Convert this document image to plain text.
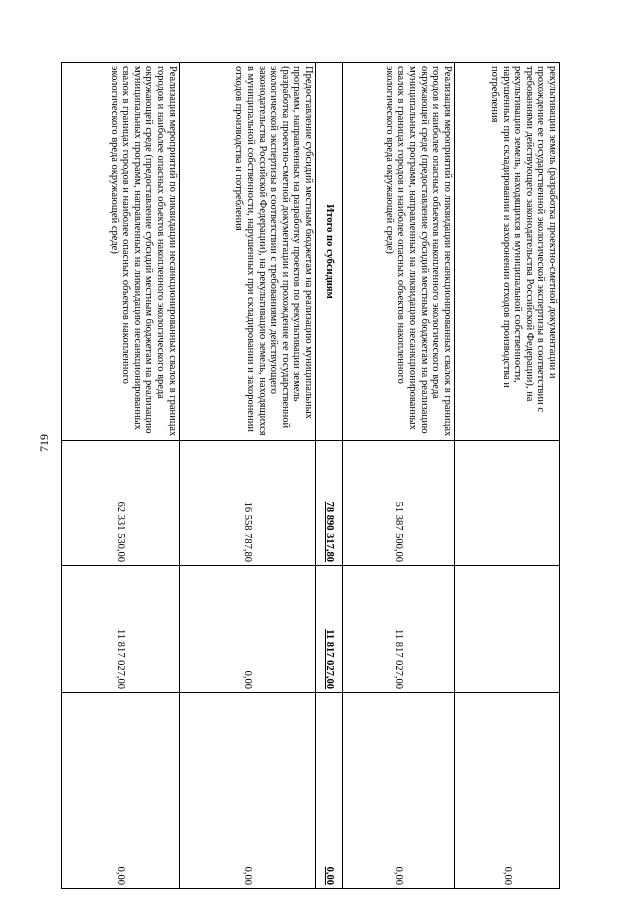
719
рекультивации земель (разработка проектно-сметной документации и прохождение ее государственной экологической экспертизы в соответствии с требованиями действующего законодательства Российской Федерации), на рекультивацию земель, находящихся в муниципальной собственности, нарушенных при складировании и захоронении отходов производства и потребления			0,00
Реализация мероприятий по ликвидации несанкционированных свалок в границах городов и наиболее опасных объектов накопленного экологического вреда окружающей среде (предоставление субсидий местным бюджетам на реализацию муниципальных программ, направленных на ликвидацию несанкционированных свалок в границах городов и наиболее опасных объектов накопленного экологического вреда окружающей среде)	51 387 500,00	11 817 027,00	0,00
Итого по субсидиям	78 890 317,80	11 817 027,00	0,00
Предоставление субсидий местным бюджетам на реализацию муниципальных программ, направленных на разработку проектов по рекультивации земель (разработка проектно-сметной документации и прохождение ее государственной экологической экспертизы в соответствии с требованиями действующего законодательства Российской Федерации), на рекультивацию земель, находящихся в муниципальной собственности, нарушенных при складировании и захоронении отходов производства и потребления	16 558 787,80	0,00	0,00
Реализация мероприятий по ликвидации несанкционированных свалок в границах городов и наиболее опасных объектов накопленного экологического вреда окружающей среде (предоставление субсидий местным бюджетам на реализацию муниципальных программ, направленных на ликвидацию несанкционированных свалок в границах городов и наиболее опасных объектов накопленного экологического вреда окружающей среде)	62 331 530,00	11 817 027,00	0,00
